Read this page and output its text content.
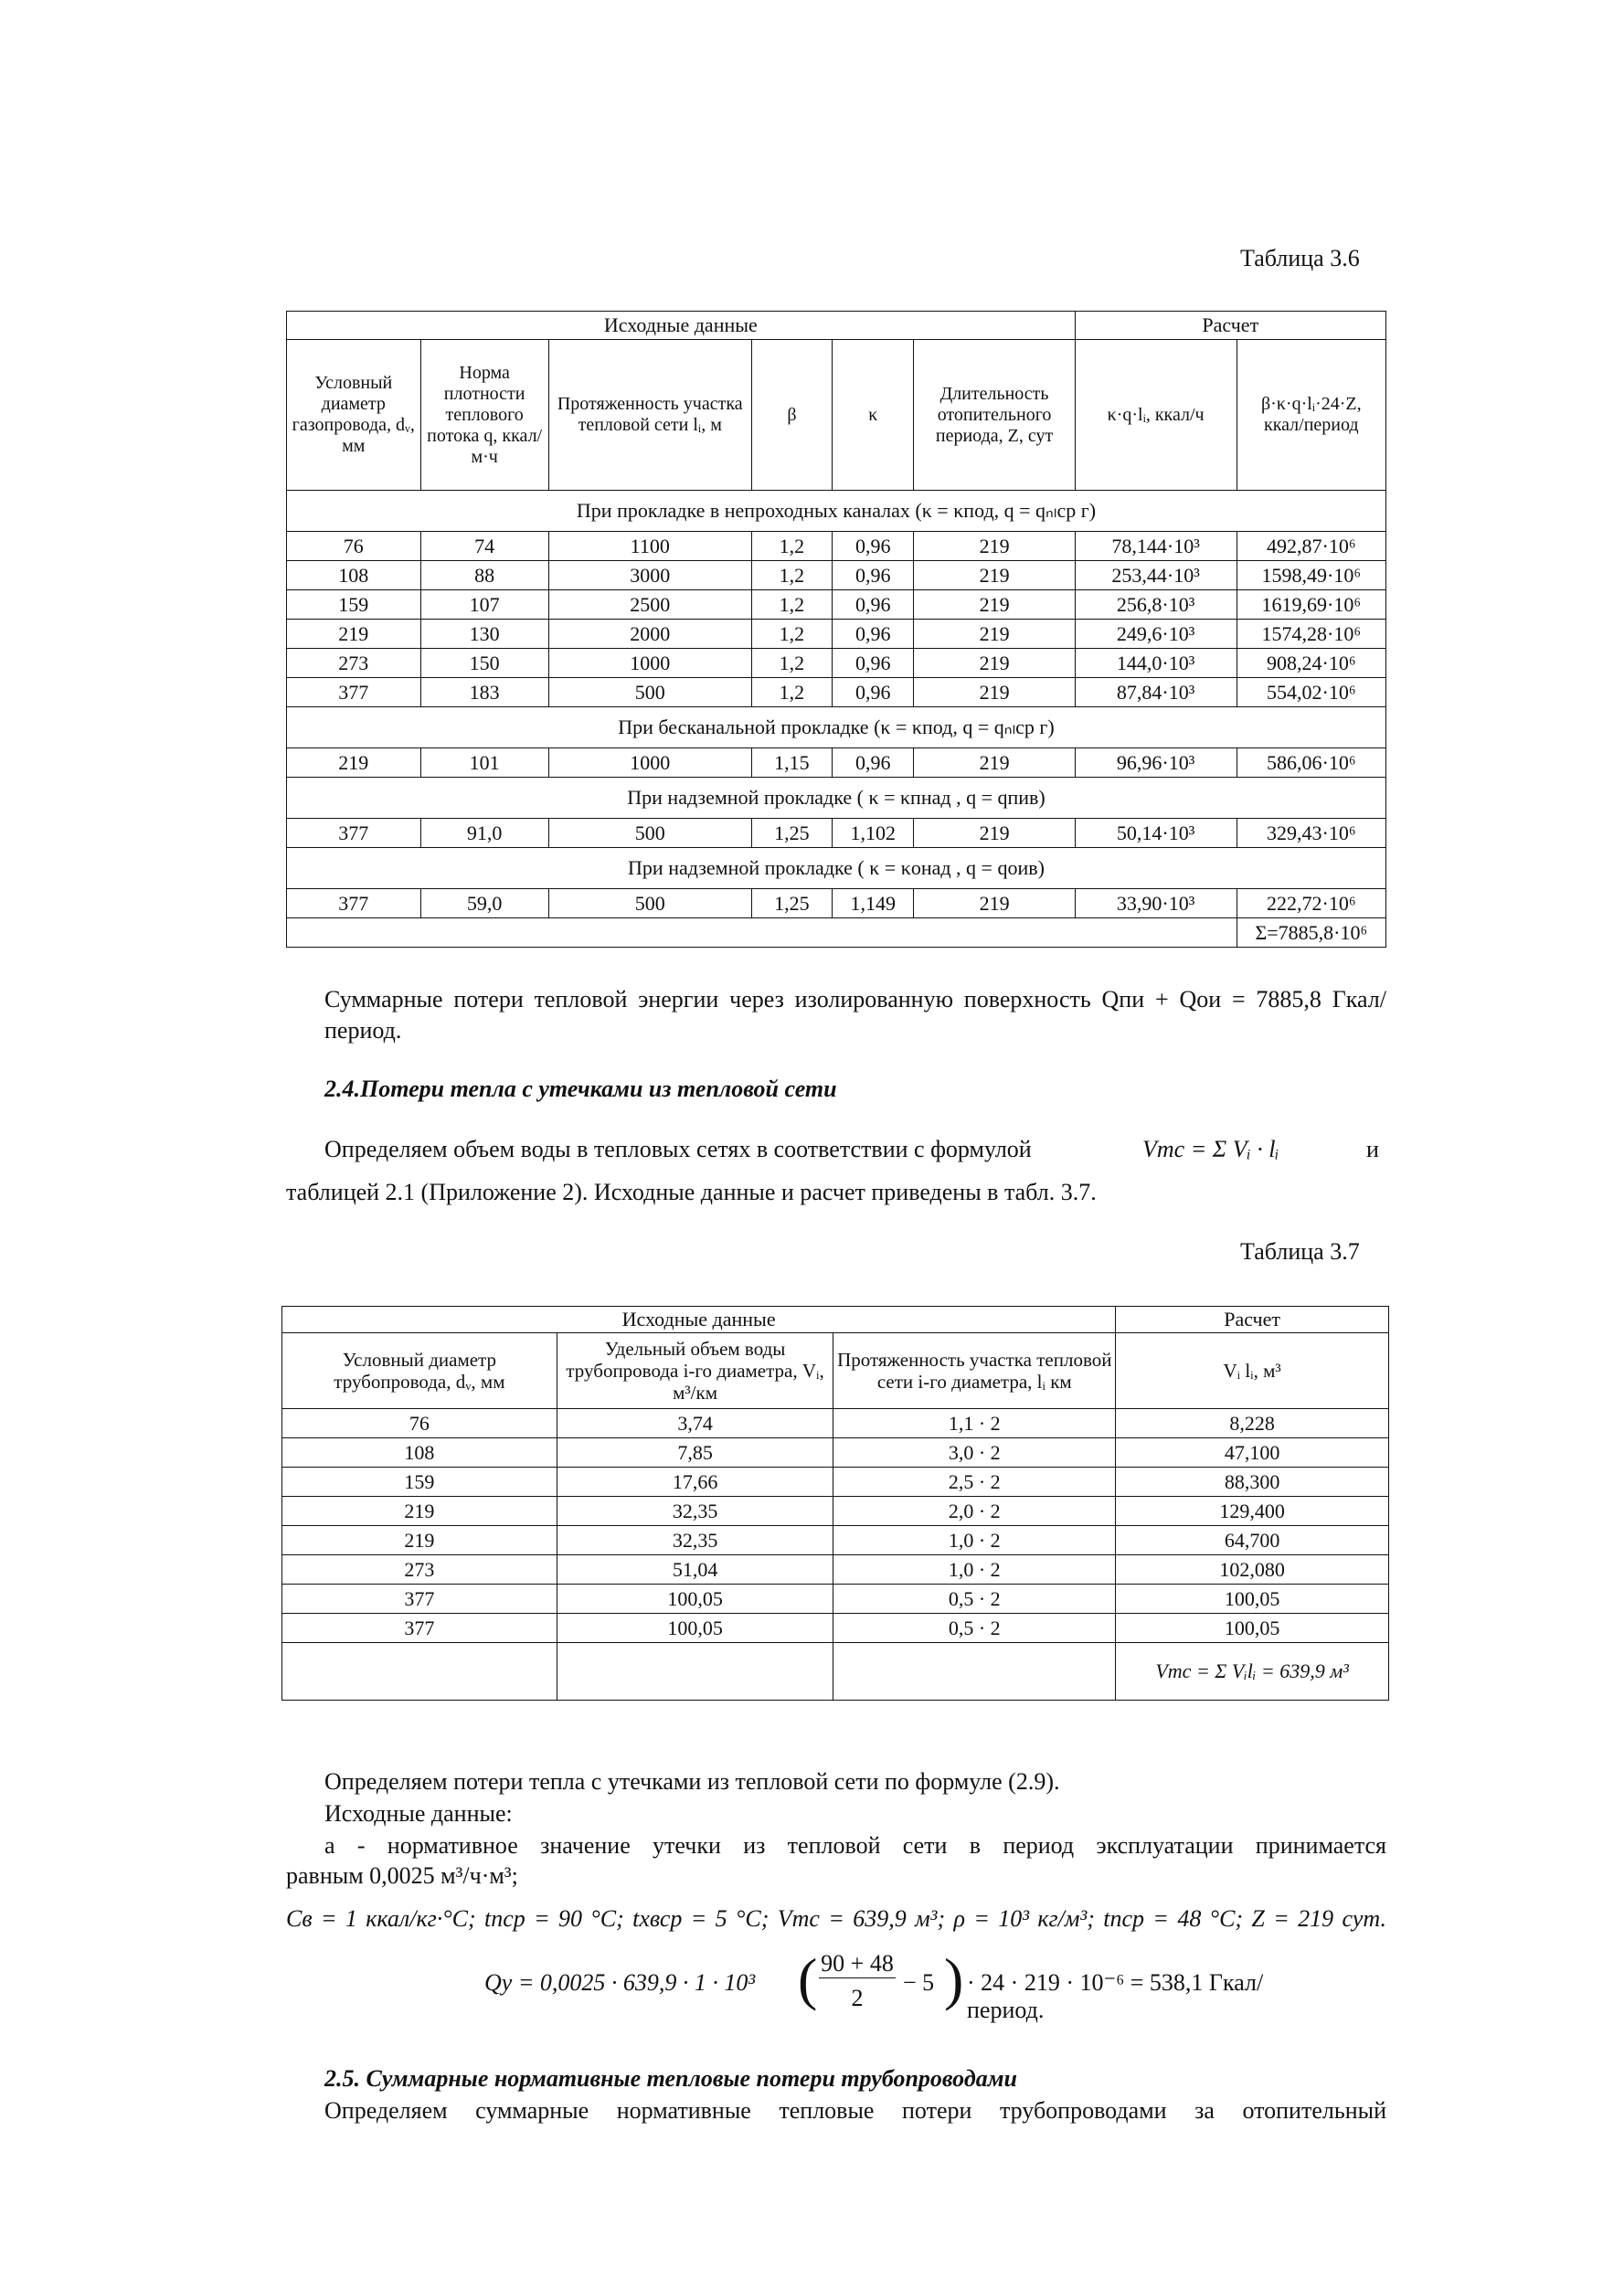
Таблица 3.6
Исходные данные						Расчет	
Условный диаметр газопровода, dᵥ, мм	Норма плотности теплового потока q, ккал/м·ч	Протяженность участка тепловой сети lᵢ, м	β	κ	Длительность отопительного периода, Z, сут	κ·q·lᵢ, ккал/ч	β·κ·q·lᵢ·24·Z, ккал/период
При прокладке в непроходных каналах (κ = κпод, q = qₙₗср г)							
76	74	1100	1,2	0,96	219	78,144·10³	492,87·10⁶
108	88	3000	1,2	0,96	219	253,44·10³	1598,49·10⁶
159	107	2500	1,2	0,96	219	256,8·10³	1619,69·10⁶
219	130	2000	1,2	0,96	219	249,6·10³	1574,28·10⁶
273	150	1000	1,2	0,96	219	144,0·10³	908,24·10⁶
377	183	500	1,2	0,96	219	87,84·10³	554,02·10⁶
При бесканальной прокладке (κ = κпод, q = qₙₗср г)							
219	101	1000	1,15	0,96	219	96,96·10³	586,06·10⁶
При надземной прокладке ( κ = κпнад , q = qпив)							
377	91,0	500	1,25	1,102	219	50,14·10³	329,43·10⁶
При надземной прокладке ( κ = κонад , q = qоив)							
377	59,0	500	1,25	1,149	219	33,90·10³	222,72·10⁶
							Σ=7885,8·10⁶

Суммарные потери тепловой энергии через изолированную поверхность Qпи + Qои = 7885,8 Гкал/период.

2.4.Потери тепла с утечками из тепловой сети

Определяем объем воды в тепловых сетях в соответствии с формулой	Vтс = Σ Vᵢ · lᵢ	и

таблицей 2.1 (Приложение 2). Исходные данные и расчет приведены в табл. 3.7.

Таблица 3.7
Исходные данные			Расчет
Условный диаметр трубопровода, dᵥ, мм	Удельный объем воды трубопровода i-го диаметра, Vᵢ, м³/км	Протяженность участка тепловой сети i-го диаметра, lᵢ км	Vᵢ lᵢ, м³
76	3,74	1,1 · 2	8,228
108	7,85	3,0 · 2	47,100
159	17,66	2,5 · 2	88,300
219	32,35	2,0 · 2	129,400
219	32,35	1,0 · 2	64,700
273	51,04	1,0 · 2	102,080
377	100,05	0,5 · 2	100,05
377	100,05	0,5 · 2	100,05
			Vтс = Σ Vᵢlᵢ = 639,9 м³

Определяем потери тепла с утечками из тепловой сети по формуле (2.9).

Исходные данные:

a - нормативное значение утечки из тепловой сети в период эксплуатации принимается

равным 0,0025 м³/ч·м³;

Cв = 1 ккал/кг·°C; tпср = 90 °C; tхвср = 5 °C; Vтс = 639,9 м³; ρ = 10³ кг/м³; tпср = 48 °C; Z = 219 сут.

Qу = 0,0025 · 639,9 · 1 · 10³ ( 90 + 48
2
− 5 ) · 24 · 219 · 10⁻⁶ = 538,1 Гкал/период.

2.5. Суммарные нормативные тепловые потери трубопроводами

Определяем суммарные нормативные тепловые потери трубопроводами за отопительный
